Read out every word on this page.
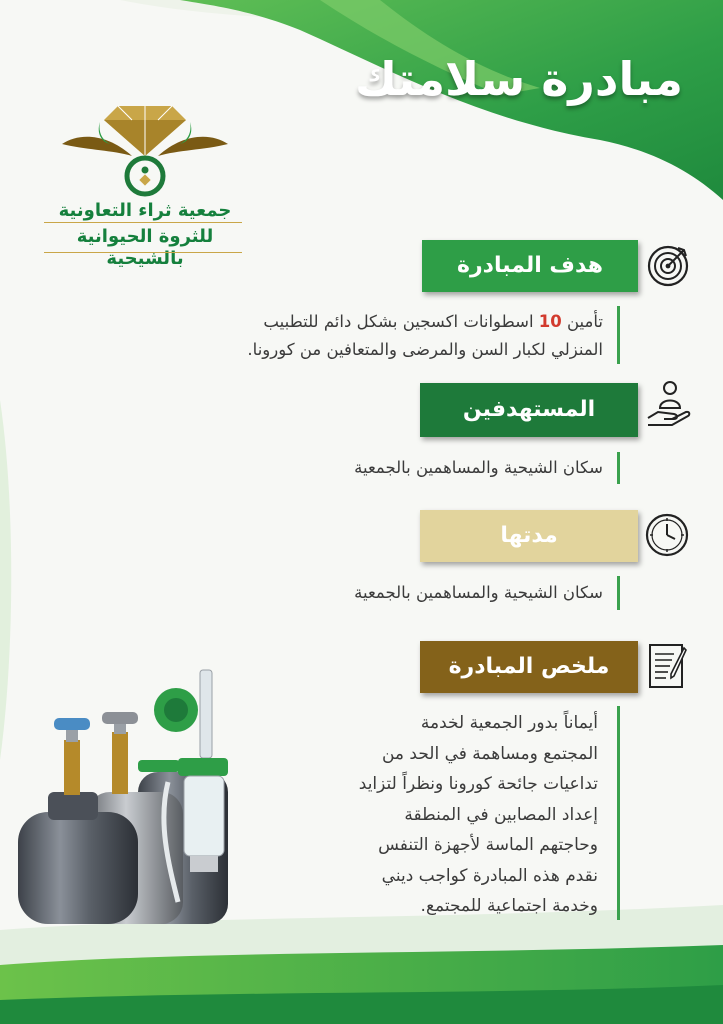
مبادرة سلامتك
جمعية ثراء التعاونية
للثروة الحيوانية بالشيحية	هدف المبادرة
تأمين 10 اسطوانات اكسجين بشكل دائم للتطبيب
المنزلي لكبار السن والمرضى والمتعافين من كورونا.
المستهدفين
سكان الشيحية والمساهمين بالجمعية
مدتها
سكان الشيحية والمساهمين بالجمعية
ملخص المبادرة
أيماناً بدور الجمعية لخدمة
المجتمع ومساهمة في الحد من
تداعيات جائحة كورونا ونظراً لتزايد
إعداد المصابين في المنطقة
وحاجتهم الماسة لأجهزة التنفس
نقدم هذه المبادرة كواجب ديني
وخدمة اجتماعية للمجتمع.
